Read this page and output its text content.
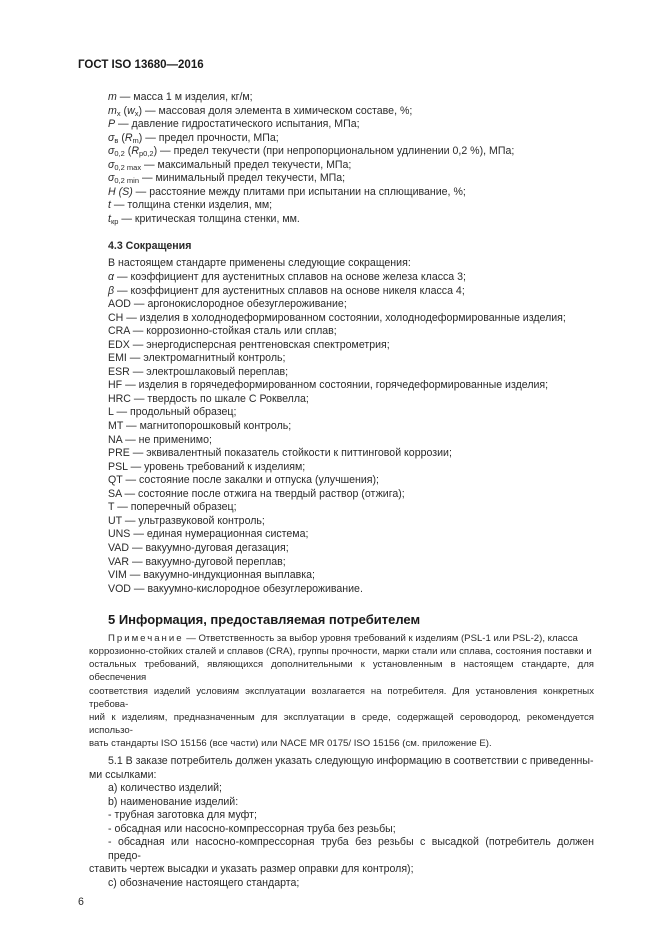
ГОСТ ISO 13680—2016
m — масса 1 м изделия, кг/м;
$m_x$ $(w_x)$ — массовая доля элемента в химическом составе, %;
P — давление гидростатического испытания, МПа;
$\sigma_в$ $(R_m)$ — предел прочности, МПа;
$\sigma_{0,2}$ $(R_{p0,2})$ — предел текучести (при непропорциональном удлинении 0,2 %), МПа;
$\sigma_{0,2 max}$ — максимальный предел текучести, МПа;
$\sigma_{0,2 min}$ — минимальный предел текучести, МПа;
H (S) — расстояние между плитами при испытании на сплющивание, %;
t — толщина стенки изделия, мм;
$t_{кр}$ — критическая толщина стенки, мм.
4.3 Сокращения
В настоящем стандарте применены следующие сокращения:
α — коэффициент для аустенитных сплавов на основе железа класса 3;
β — коэффициент для аустенитных сплавов на основе никеля класса 4;
AOD — аргонокислородное обезуглероживание;
CH — изделия в холоднодеформированном состоянии, холоднодеформированные изделия;
CRA — коррозионно-стойкая сталь или сплав;
EDX — энергодисперсная рентгеновская спектрометрия;
EMI — электромагнитный контроль;
ESR — электрошлаковый переплав;
HF — изделия в горячедеформированном состоянии, горячедеформированные изделия;
HRC — твердость по шкале С Роквелла;
L — продольный образец;
MT — магнитопорошковый контроль;
NA — не применимо;
PRE — эквивалентный показатель стойкости к питтинговой коррозии;
PSL — уровень требований к изделиям;
QT — состояние после закалки и отпуска (улучшения);
SA — состояние после отжига на твердый раствор (отжига);
T — поперечный образец;
UT — ультразвуковой контроль;
UNS — единая нумерационная система;
VAD — вакуумно-дуговая дегазация;
VAR — вакуумно-дуговой переплав;
VIM — вакуумно-индукционная выплавка;
VOD — вакуумно-кислородное обезуглероживание.
5 Информация, предоставляемая потребителем
Примечание — Ответственность за выбор уровня требований к изделиям (PSL-1 или PSL-2), класса
коррозионно-стойких сталей и сплавов (CRA), группы прочности, марки стали или сплава, состояния поставки и
остальных требований, являющихся дополнительными к установленным в настоящем стандарте, для обеспечения
соответствия изделий условиям эксплуатации возлагается на потребителя. Для установления конкретных требова-
ний к изделиям, предназначенным для эксплуатации в среде, содержащей сероводород, рекомендуется использо-
вать стандарты ISO 15156 (все части) или NACE MR 0175/ ISO 15156 (см. приложение Е).
5.1 В заказе потребитель должен указать следующую информацию в соответствии с приведенны-
ми ссылками:
a) количество изделий;
b) наименование изделий:
- трубная заготовка для муфт;
- обсадная или насосно-компрессорная труба без резьбы;
- обсадная или насосно-компрессорная труба без резьбы с высадкой (потребитель должен предо-
ставить чертеж высадки и указать размер оправки для контроля);
c) обозначение настоящего стандарта;
6
